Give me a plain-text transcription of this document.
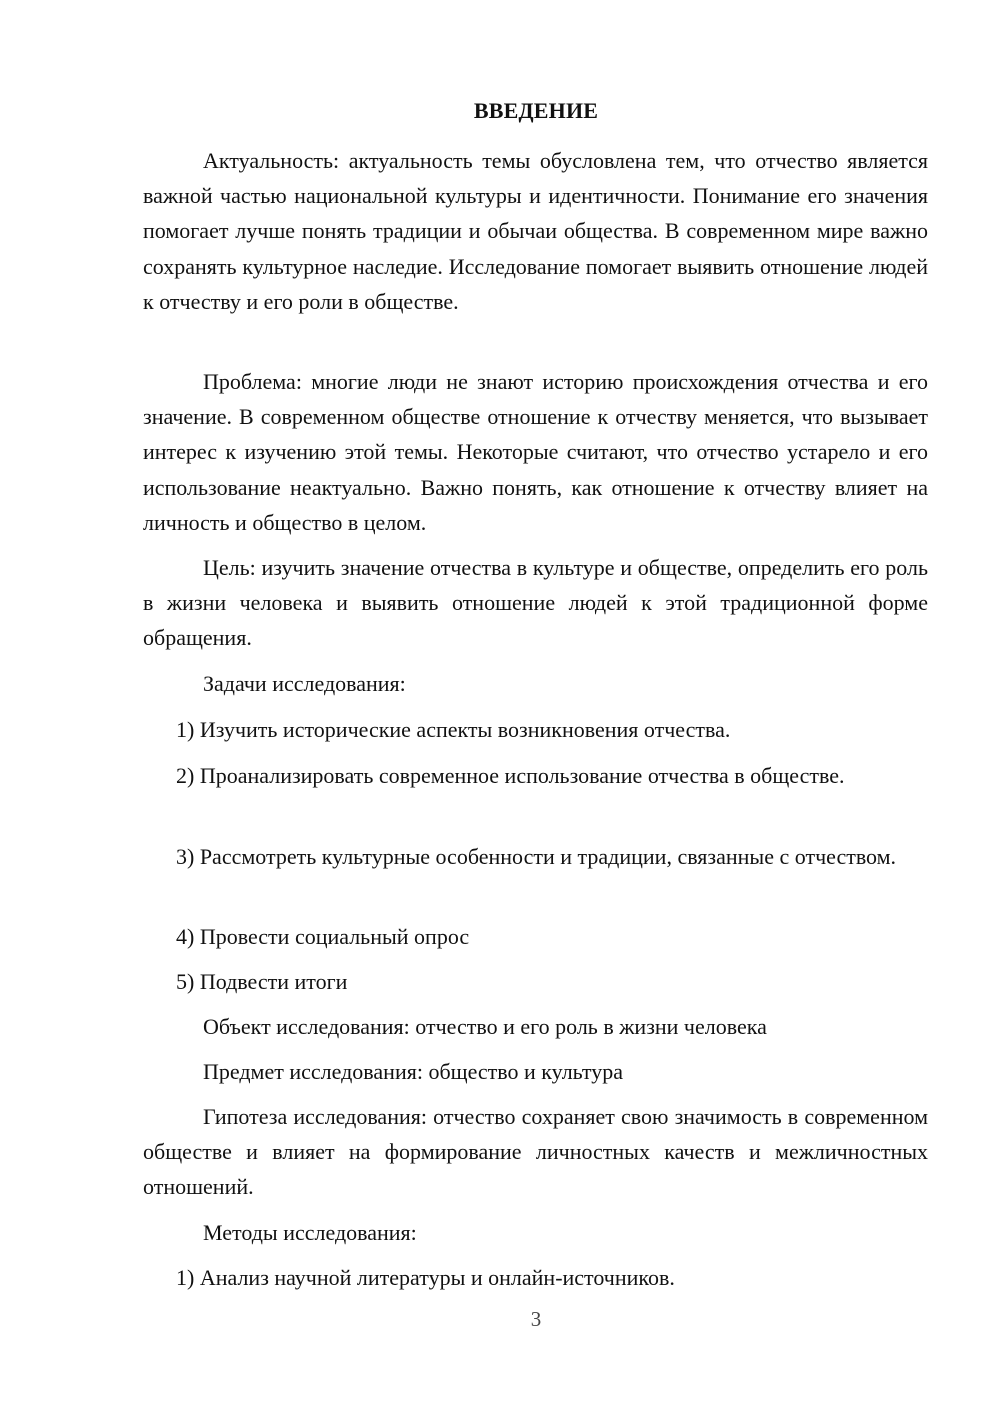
ВВЕДЕНИЕ

Актуальность: актуальность темы обусловлена тем, что отчество является важной частью национальной культуры и идентичности. Понимание его значения помогает лучше понять традиции и обычаи общества. В современном мире важно сохранять культурное наследие. Исследование помогает выявить отношение людей к отчеству и его роли в обществе.

Проблема: многие люди не знают историю происхождения отчества и его значение. В современном обществе отношение к отчеству меняется, что вызывает интерес к изучению этой темы. Некоторые считают, что отчество устарело и его использование неактуально. Важно понять, как отношение к отчеству влияет на личность и общество в целом.

Цель: изучить значение отчества в культуре и обществе, определить его роль в жизни человека и выявить отношение людей к этой традиционной форме обращения.

Задачи исследования:

1) Изучить исторические аспекты возникновения отчества.

2) Проанализировать современное использование отчества в обществе.

3) Рассмотреть культурные особенности и традиции, связанные с отчеством.

4) Провести социальный опрос

5) Подвести итоги

Объект исследования: отчество и его роль в жизни человека

Предмет исследования: общество и культура

Гипотеза исследования: отчество сохраняет свою значимость в современном обществе и влияет на формирование личностных качеств и межличностных отношений.

Методы исследования:

1) Анализ научной литературы и онлайн-источников.

3
